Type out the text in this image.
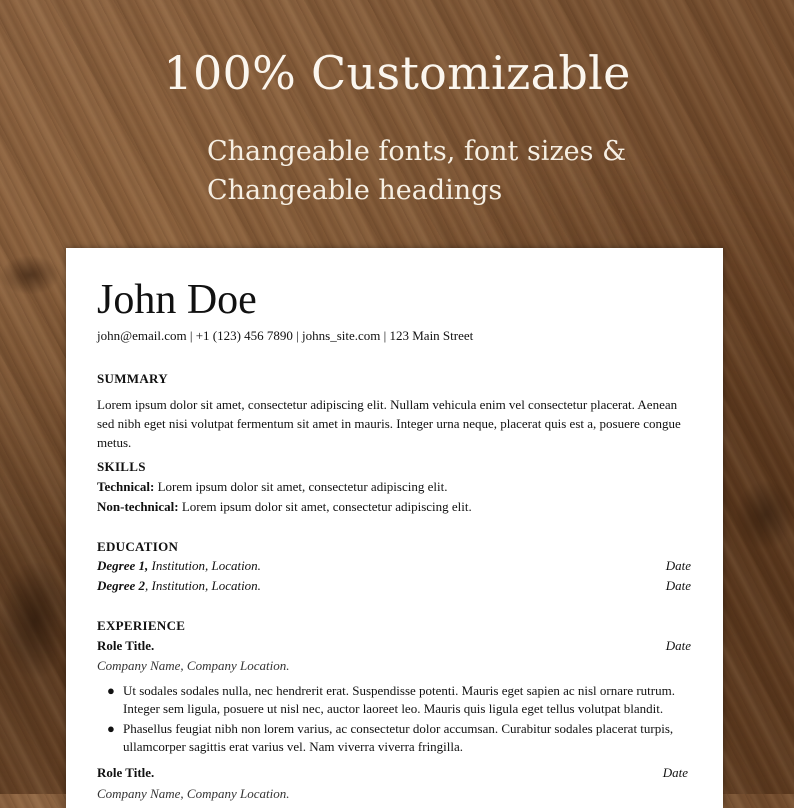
100% Customizable
Changeable fonts, font sizes &
Changeable headings
John Doe
john@email.com | +1 (123) 456 7890 | johns_site.com | 123 Main Street
SUMMARY
Lorem ipsum dolor sit amet, consectetur adipiscing elit. Nullam vehicula enim vel consectetur placerat. Aenean sed nibh eget nisi volutpat fermentum sit amet in mauris. Integer urna neque, placerat quis est a, posuere congue metus.
SKILLS
Technical: Lorem ipsum dolor sit amet, consectetur adipiscing elit.
Non-technical: Lorem ipsum dolor sit amet, consectetur adipiscing elit.
EDUCATION
Degree 1, Institution, Location.	Date
Degree 2, Institution, Location.	Date
EXPERIENCE
Role Title.	Date
Company Name, Company Location.
● Ut sodales sodales nulla, nec hendrerit erat. Suspendisse potenti. Mauris eget sapien ac nisl ornare rutrum. Integer sem ligula, posuere ut nisl nec, auctor laoreet leo. Mauris quis ligula eget tellus volutpat blandit.
● Phasellus feugiat nibh non lorem varius, ac consectetur dolor accumsan. Curabitur sodales placerat turpis, ullamcorper sagittis erat varius vel. Nam viverra viverra fringilla.
Role Title.	Date
Company Name, Company Location.
